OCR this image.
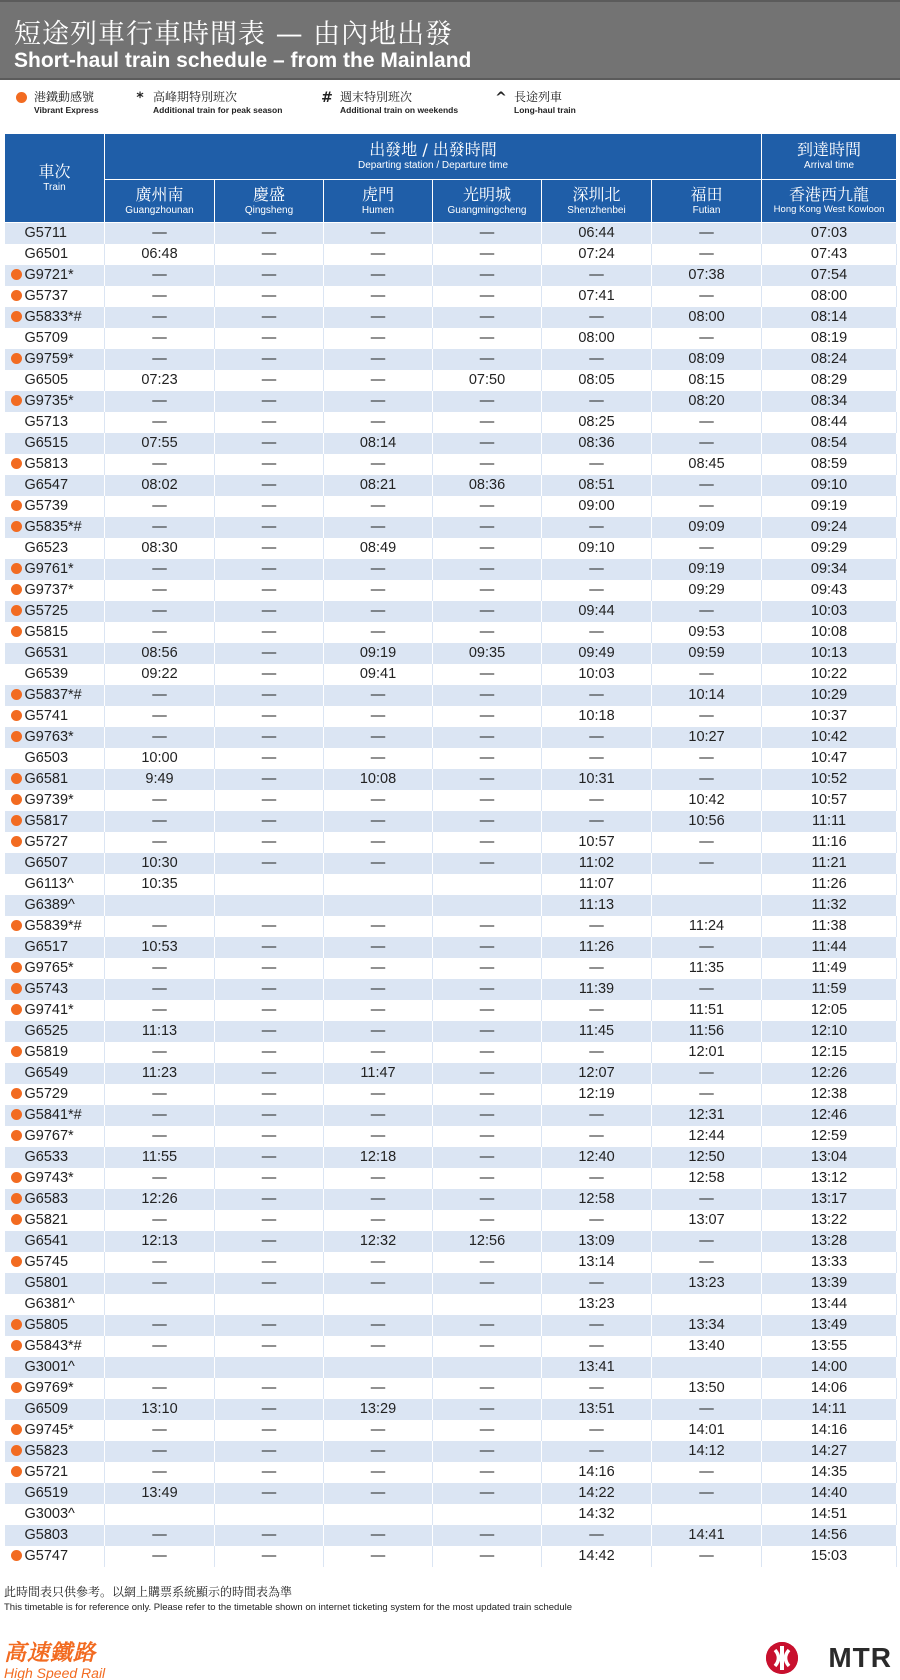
短途列車行車時間表 — 由內地出發
Short-haul train schedule – from the Mainland
港鐵動感號
Vibrant Express
* 高峰期特別班次
Additional train for peak season
# 週末特別班次
Additional train on weekends
^ 長途列車
Long-haul train
車次
Train	出發地 / 出發時間
Departing station / Departure time						到達時間
Arrival time

	廣州南
Guangzhounan	慶盛
Qingsheng	虎門
Humen	光明城
Guangmingcheng	深圳北
Shenzhenbei	福田
Futian	香港西九龍
Hong Kong West Kowloon

G5711	—	—	—	—	06:44	—	07:03
G6501	06:48	—	—	—	07:24	—	07:43
G9721*	—	—	—	—	—	07:38	07:54
G5737	—	—	—	—	07:41	—	08:00
G5833*#	—	—	—	—	—	08:00	08:14
G5709	—	—	—	—	08:00	—	08:19
G9759*	—	—	—	—	—	08:09	08:24
G6505	07:23	—	—	07:50	08:05	08:15	08:29
G9735*	—	—	—	—	—	08:20	08:34
G5713	—	—	—	—	08:25	—	08:44
G6515	07:55	—	08:14	—	08:36	—	08:54
G5813	—	—	—	—	—	08:45	08:59
G6547	08:02	—	08:21	08:36	08:51	—	09:10
G5739	—	—	—	—	09:00	—	09:19
G5835*#	—	—	—	—	—	09:09	09:24
G6523	08:30	—	08:49	—	09:10	—	09:29
G9761*	—	—	—	—	—	09:19	09:34
G9737*	—	—	—	—	—	09:29	09:43
G5725	—	—	—	—	09:44	—	10:03
G5815	—	—	—	—	—	09:53	10:08
G6531	08:56	—	09:19	09:35	09:49	09:59	10:13
G6539	09:22	—	09:41	—	10:03	—	10:22
G5837*#	—	—	—	—	—	10:14	10:29
G5741	—	—	—	—	10:18	—	10:37
G9763*	—	—	—	—	—	10:27	10:42
G6503	10:00	—	—	—	—	—	10:47
G6581	9:49	—	10:08	—	10:31	—	10:52
G9739*	—	—	—	—	—	10:42	10:57
G5817	—	—	—	—	—	10:56	11:11
G5727	—	—	—	—	10:57	—	11:16
G6507	10:30	—	—	—	11:02	—	11:21
G6113^	10:35				11:07		11:26
G6389^					11:13		11:32
G5839*#	—	—	—	—	—	11:24	11:38
G6517	10:53	—	—	—	11:26	—	11:44
G9765*	—	—	—	—	—	11:35	11:49
G5743	—	—	—	—	11:39	—	11:59
G9741*	—	—	—	—	—	11:51	12:05
G6525	11:13	—	—	—	11:45	11:56	12:10
G5819	—	—	—	—	—	12:01	12:15
G6549	11:23	—	11:47	—	12:07	—	12:26
G5729	—	—	—	—	12:19	—	12:38
G5841*#	—	—	—	—	—	12:31	12:46
G9767*	—	—	—	—	—	12:44	12:59
G6533	11:55	—	12:18	—	12:40	12:50	13:04
G9743*	—	—	—	—	—	12:58	13:12
G6583	12:26	—	—	—	12:58	—	13:17
G5821	—	—	—	—	—	13:07	13:22
G6541	12:13	—	12:32	12:56	13:09	—	13:28
G5745	—	—	—	—	13:14	—	13:33
G5801	—	—	—	—	—	13:23	13:39
G6381^					13:23		13:44
G5805	—	—	—	—	—	13:34	13:49
G5843*#	—	—	—	—	—	13:40	13:55
G3001^					13:41		14:00
G9769*	—	—	—	—	—	13:50	14:06
G6509	13:10	—	13:29	—	13:51	—	14:11
G9745*	—	—	—	—	—	14:01	14:16
G5823	—	—	—	—	—	14:12	14:27
G5721	—	—	—	—	14:16	—	14:35
G6519	13:49	—	—	—	14:22	—	14:40
G3003^					14:32		14:51
G5803	—	—	—	—	—	14:41	14:56
G5747	—	—	—	—	14:42	—	15:03
此時間表只供參考。以網上購票系統顯示的時間表為準
This timetable is for reference only. Please refer to the timetable shown on internet ticketing system for the most updated train schedule
高速鐵路
High Speed Rail	MTR
